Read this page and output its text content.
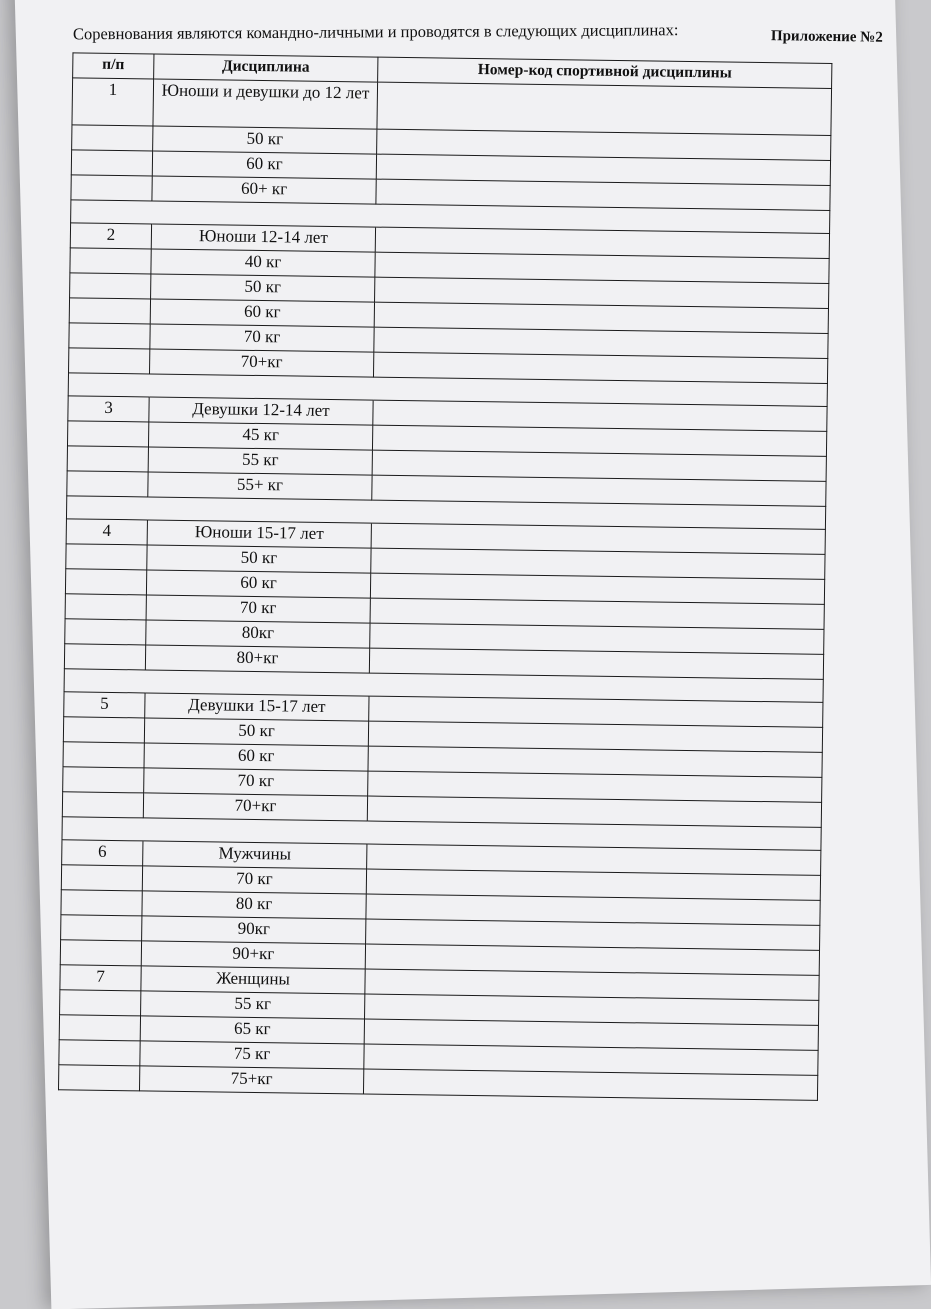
Приложение №2
Соревнования являются командно-личными и проводятся в следующих дисциплинах:
п/п	Дисциплина	Номер-код спортивной дисциплины
1	Юноши и девушки до 12 лет	
	50 кг	
	60 кг	
	60+ кг	

2	Юноши 12-14 лет	
	40 кг	
	50 кг	
	60 кг	
	70 кг	
	70+кг	

3	Девушки 12-14 лет	
	45 кг	
	55 кг	
	55+ кг	

4	Юноши 15-17 лет	
	50 кг	
	60 кг	
	70 кг	
	80кг	
	80+кг	

5	Девушки 15-17 лет	
	50 кг	
	60 кг	
	70 кг	
	70+кг	

6	Мужчины	
	70 кг	
	80 кг	
	90кг	
	90+кг	
7	Женщины	
	55 кг	
	65 кг	
	75 кг	
	75+кг	
